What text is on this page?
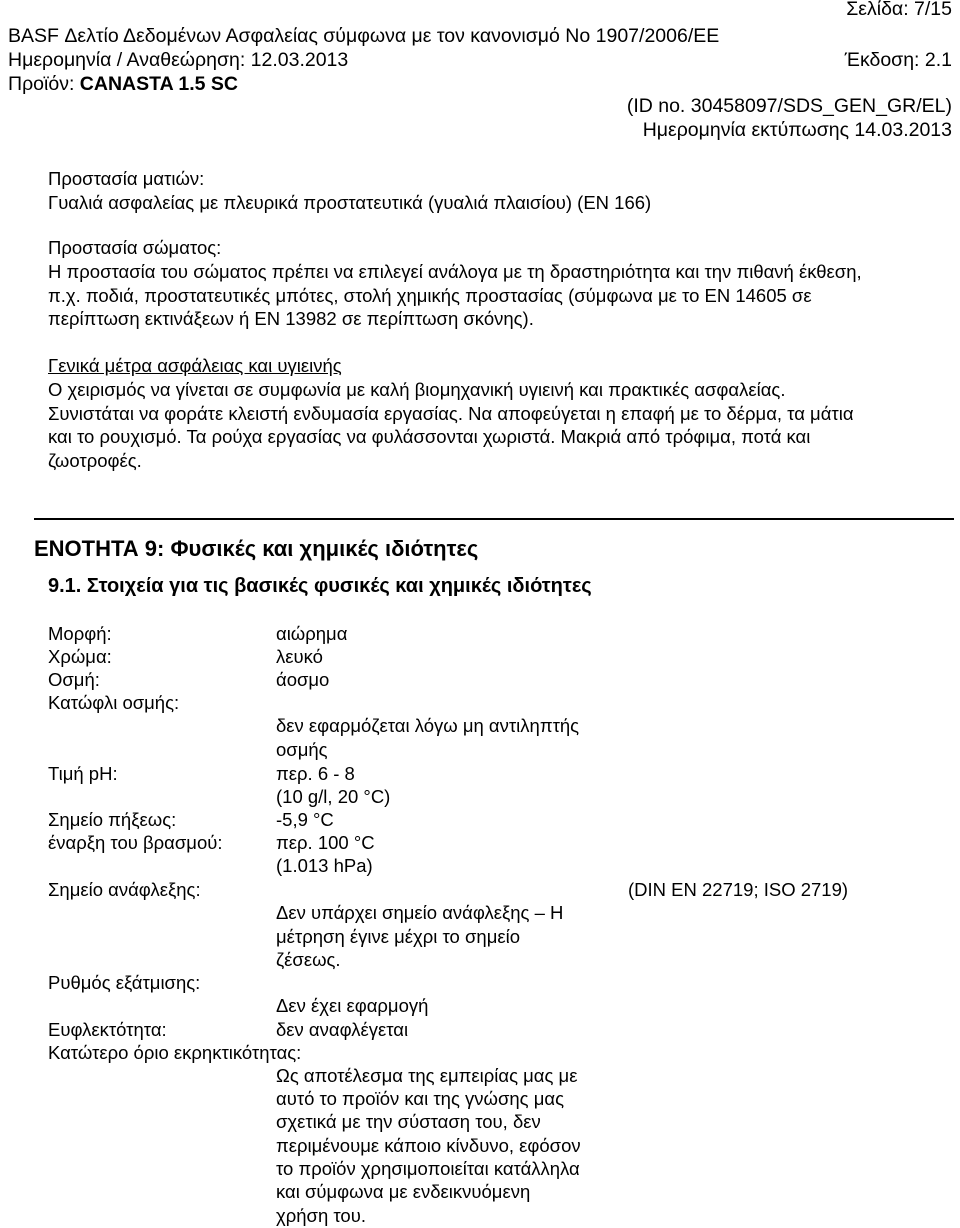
Σελίδα: 7/15
BASF Δελτίο Δεδομένων Ασφαλείας σύμφωνα με τον κανονισμό No 1907/2006/ΕΕ
Ημερομηνία / Αναθεώρηση: 12.03.2013	Έκδοση: 2.1
Προϊόν: CANASTA 1.5 SC
(ID no. 30458097/SDS_GEN_GR/EL)
Ημερομηνία εκτύπωσης 14.03.2013
Προστασία ματιών:
Γυαλιά ασφαλείας με πλευρικά προστατευτικά (γυαλιά πλαισίου) (EN 166)
Προστασία σώματος:
Η προστασία του σώματος πρέπει να επιλεγεί ανάλογα με τη δραστηριότητα και την πιθανή έκθεση,
π.χ. ποδιά, προστατευτικές μπότες, στολή χημικής προστασίας (σύμφωνα με το EN 14605 σε
περίπτωση εκτινάξεων ή EN 13982 σε περίπτωση σκόνης).
Γενικά μέτρα ασφάλειας και υγιεινής
Ο χειρισμός να γίνεται σε συμφωνία με καλή βιομηχανική υγιεινή και πρακτικές ασφαλείας.
Συνιστάται να φοράτε κλειστή ενδυμασία εργασίας. Να αποφεύγεται η επαφή με το δέρμα, τα μάτια
και το ρουχισμό. Τα ρούχα εργασίας να φυλάσσονται χωριστά. Μακριά από τρόφιμα, ποτά και
ζωοτροφές.
ΕΝΟΤΗΤΑ 9: Φυσικές και χημικές ιδιότητες
9.1. Στοιχεία για τις βασικές φυσικές και χημικές ιδιότητες
Μορφή:	αιώρημα
Χρώμα:	λευκό
Οσμή:	άοσμο
Κατώφλι οσμής:
δεν εφαρμόζεται λόγω μη αντιληπτής
οσμής
Τιμή pH:	περ. 6 - 8
(10 g/l, 20 °C)
Σημείο πήξεως:	-5,9 °C
έναρξη του βρασμού:	περ. 100 °C
(1.013 hPa)
Σημείο ανάφλεξης:	(DIN EN 22719; ISO 2719)
Δεν υπάρχει σημείο ανάφλεξης – Η
μέτρηση έγινε μέχρι το σημείο
ζέσεως.
Ρυθμός εξάτμισης:
Δεν έχει εφαρμογή
Ευφλεκτότητα:	δεν αναφλέγεται
Κατώτερο όριο εκρηκτικότητας:
Ως αποτέλεσμα της εμπειρίας μας με
αυτό το προϊόν και της γνώσης μας
σχετικά με την σύσταση του, δεν
περιμένουμε κάποιο κίνδυνο, εφόσον
το προϊόν χρησιμοποιείται κατάλληλα
και σύμφωνα με ενδεικνυόμενη
χρήση του.
